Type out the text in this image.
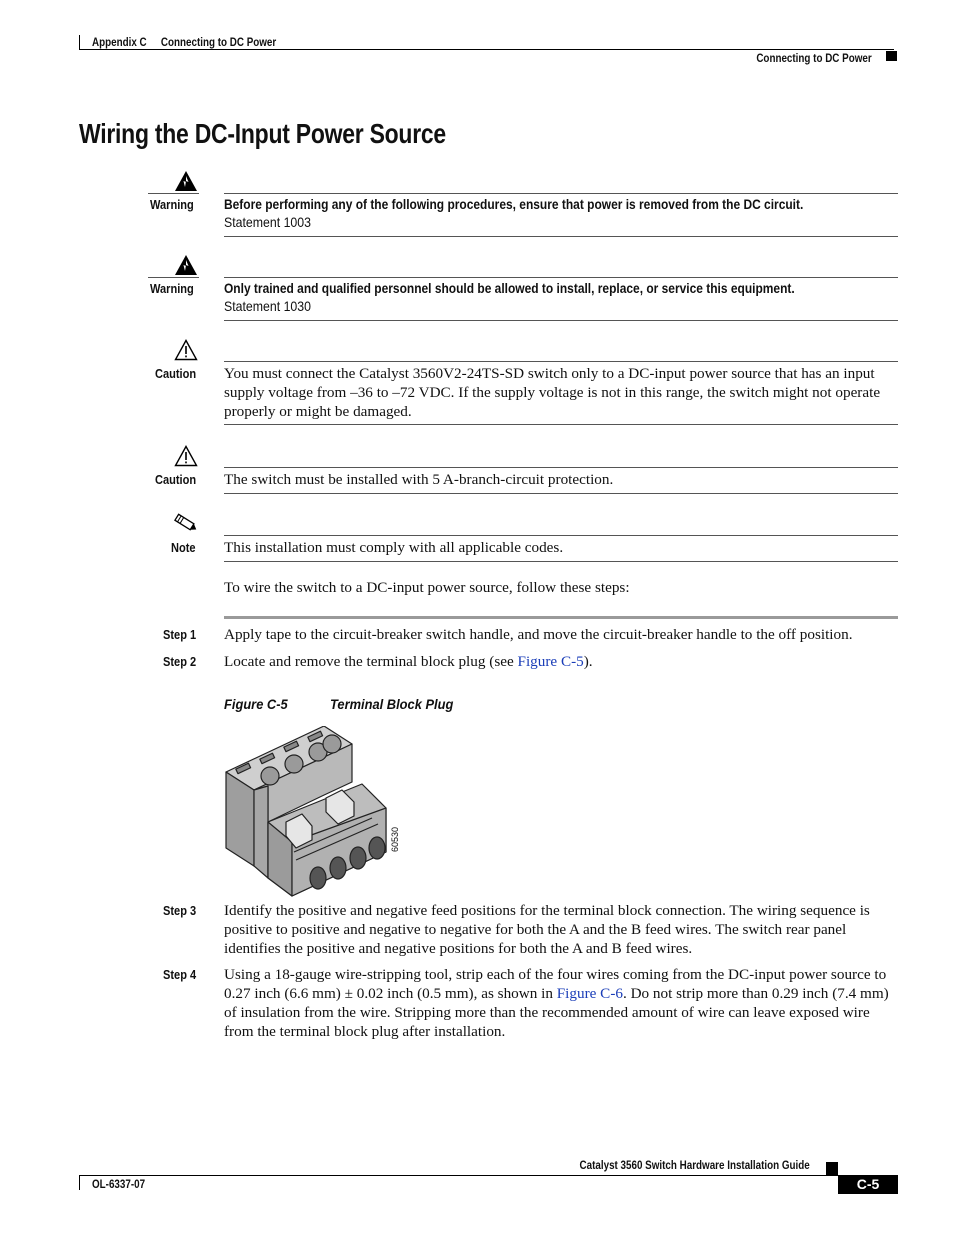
Appendix C Connecting to DC Power
Connecting to DC Power
Wiring the DC-Input Power Source
Warning Before performing any of the following procedures, ensure that power is removed from the DC circuit.
Statement 1003
Warning Only trained and qualified personnel should be allowed to install, replace, or service this equipment.
Statement 1030
Caution You must connect the Catalyst 3560V2-24TS-SD switch only to a DC-input power source that has an input supply voltage from –36 to –72 VDC. If the supply voltage is not in this range, the switch might not operate properly or might be damaged.
Caution The switch must be installed with 5 A-branch-circuit protection.
Note This installation must comply with all applicable codes.
To wire the switch to a DC-input power source, follow these steps:
Step 1 Apply tape to the circuit-breaker switch handle, and move the circuit-breaker handle to the off position.
Step 2 Locate and remove the terminal block plug (see Figure C-5).
Figure C-5	Terminal Block Plug
60530
Step 3 Identify the positive and negative feed positions for the terminal block connection. The wiring sequence is positive to positive and negative to negative for both the A and the B feed wires. The switch rear panel identifies the positive and negative positions for both the A and B feed wires.
Step 4 Using a 18-gauge wire-stripping tool, strip each of the four wires coming from the DC-input power source to 0.27 inch (6.6 mm) ± 0.02 inch (0.5 mm), as shown in Figure C-6. Do not strip more than 0.29 inch (7.4 mm) of insulation from the wire. Stripping more than the recommended amount of wire can leave exposed wire from the terminal block plug after installation.
Catalyst 3560 Switch Hardware Installation Guide
OL-6337-07	C-5
